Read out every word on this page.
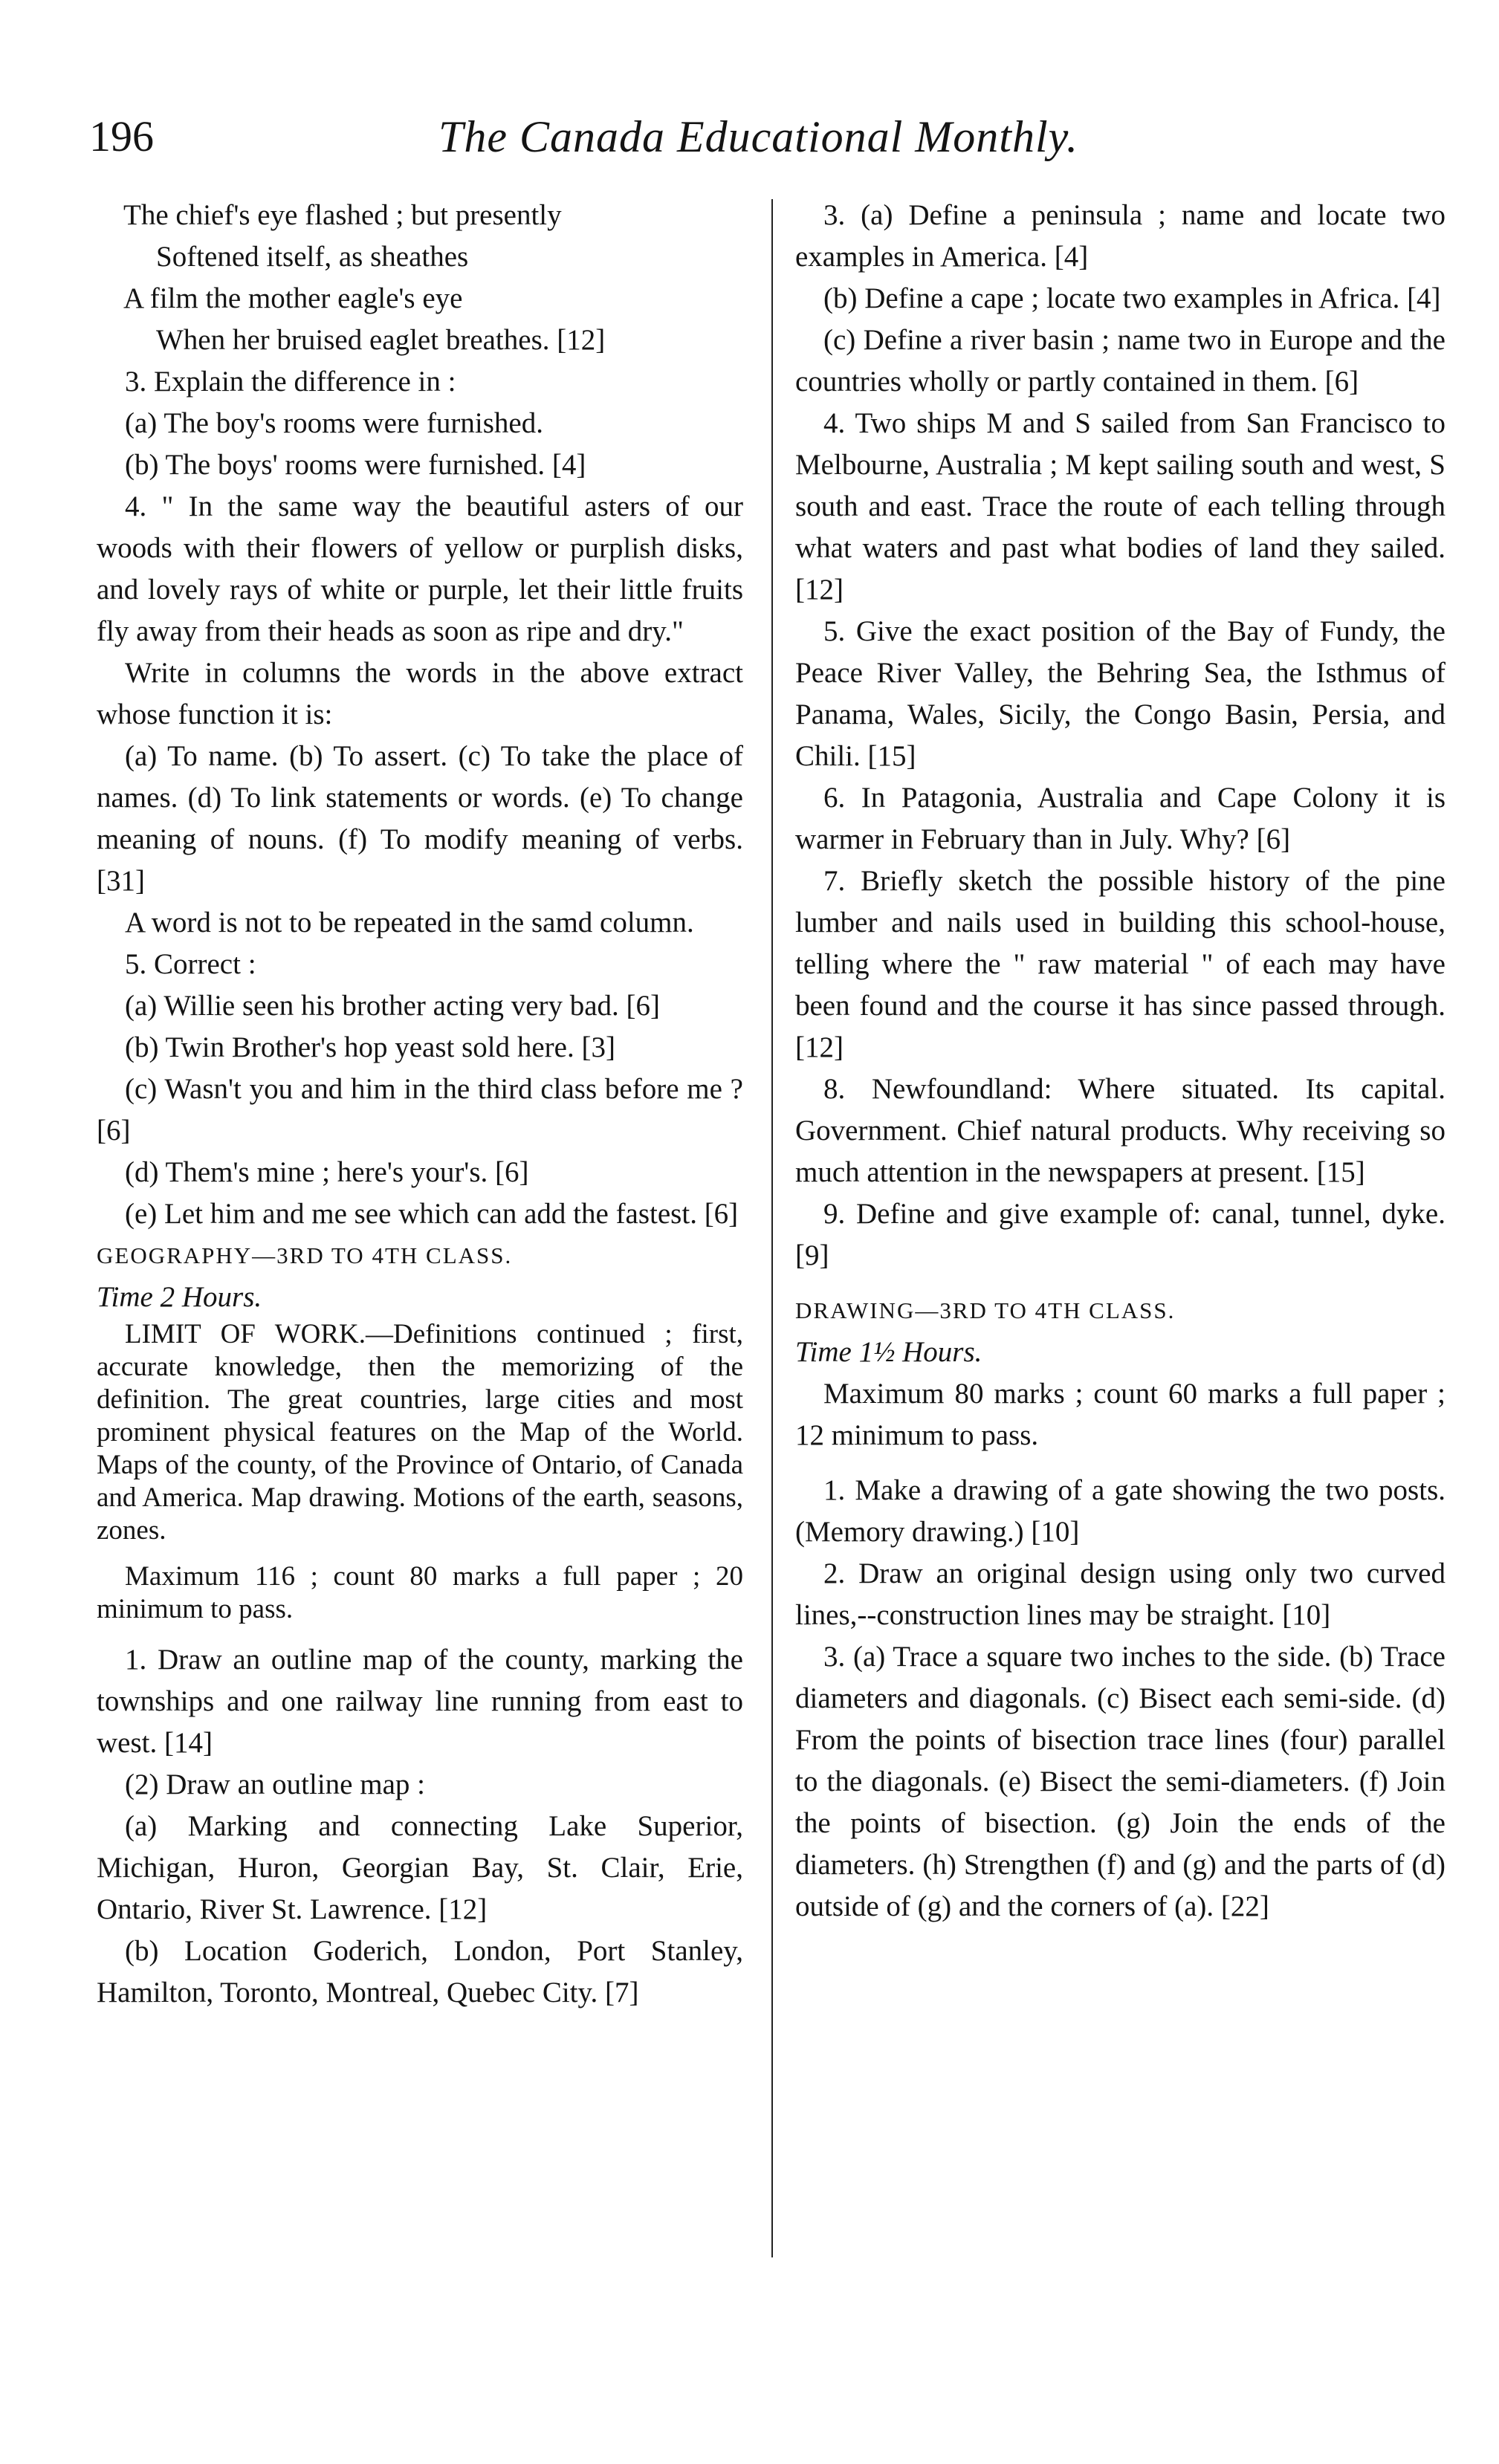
196	The Canada Educational Monthly.
The chief's eye flashed ; but presently
Softened itself, as sheathes
A film the mother eagle's eye
When her bruised eaglet breathes. [12]

3. Explain the difference in :

(a) The boy's rooms were furnished.

(b) The boys' rooms were furnished. [4]

4. " In the same way the beautiful asters of our woods with their flowers of yellow or purplish disks, and lovely rays of white or purple, let their little fruits fly away from their heads as soon as ripe and dry."

Write in columns the words in the above extract whose function it is:

(a) To name. (b) To assert. (c) To take the place of names. (d) To link statements or words. (e) To change meaning of nouns. (f) To modify meaning of verbs. [31]

A word is not to be repeated in the samd column.

5. Correct :

(a) Willie seen his brother acting very bad. [6]

(b) Twin Brother's hop yeast sold here. [3]

(c) Wasn't you and him in the third class before me ? [6]

(d) Them's mine ; here's your's. [6]

(e) Let him and me see which can add the fastest. [6]

GEOGRAPHY—3RD TO 4TH CLASS.

Time 2 Hours.

LIMIT OF WORK.—Definitions continued ; first, accurate knowledge, then the memorizing of the definition. The great countries, large cities and most prominent physical features on the Map of the World. Maps of the county, of the Province of Ontario, of Canada and America. Map drawing. Motions of the earth, seasons, zones.

Maximum 116 ; count 80 marks a full paper ; 20 minimum to pass.

1. Draw an outline map of the county, marking the townships and one railway line running from east to west. [14]

(2) Draw an outline map :

(a) Marking and connecting Lake Superior, Michigan, Huron, Georgian Bay, St. Clair, Erie, Ontario, River St. Lawrence. [12]

(b) Location Goderich, London, Port Stanley, Hamilton, Toronto, Montreal, Quebec City. [7]

3. (a) Define a peninsula ; name and locate two examples in America. [4]

(b) Define a cape ; locate two examples in Africa. [4]

(c) Define a river basin ; name two in Europe and the countries wholly or partly contained in them. [6]

4. Two ships M and S sailed from San Francisco to Melbourne, Australia ; M kept sailing south and west, S south and east. Trace the route of each telling through what waters and past what bodies of land they sailed. [12]

5. Give the exact position of the Bay of Fundy, the Peace River Valley, the Behring Sea, the Isthmus of Panama, Wales, Sicily, the Congo Basin, Persia, and Chili. [15]

6. In Patagonia, Australia and Cape Colony it is warmer in February than in July. Why? [6]

7. Briefly sketch the possible history of the pine lumber and nails used in building this school-house, telling where the " raw material " of each may have been found and the course it has since passed through. [12]

8. Newfoundland: Where situated. Its capital. Government. Chief natural products. Why receiving so much attention in the newspapers at present. [15]

9. Define and give example of: canal, tunnel, dyke. [9]

DRAWING—3RD TO 4TH CLASS.

Time 1½ Hours.

Maximum 80 marks ; count 60 marks a full paper ; 12 minimum to pass.

1. Make a drawing of a gate showing the two posts. (Memory drawing.) [10]

2. Draw an original design using only two curved lines,--construction lines may be straight. [10]

3. (a) Trace a square two inches to the side. (b) Trace diameters and diagonals. (c) Bisect each semi-side. (d) From the points of bisection trace lines (four) parallel to the diagonals. (e) Bisect the semi-diameters. (f) Join the points of bisection. (g) Join the ends of the diameters. (h) Strengthen (f) and (g) and the parts of (d) outside of (g) and the corners of (a). [22]
